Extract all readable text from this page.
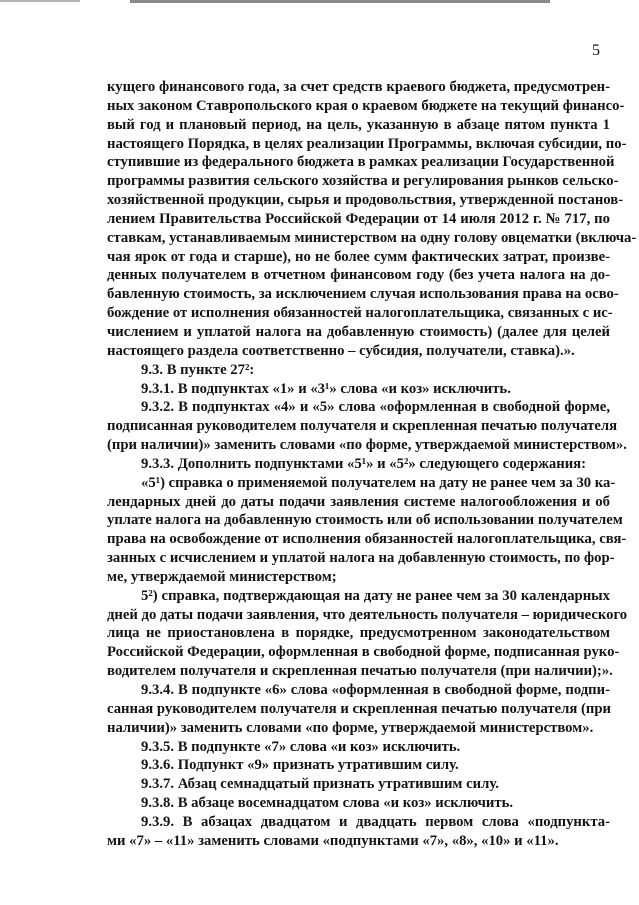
5
кущего финансового года, за счет средств краевого бюджета, предусмотрен-
ных законом Ставропольского края о краевом бюджете на текущий финансо-
вый год и плановый период, на цель, указанную в абзаце пятом пункта 1
настоящего Порядка, в целях реализации Программы, включая субсидии, по-
ступившие из федерального бюджета в рамках реализации Государственной
программы развития сельского хозяйства и регулирования рынков сельско-
хозяйственной продукции, сырья и продовольствия, утвержденной постанов-
лением Правительства Российской Федерации от 14 июля 2012 г. № 717, по
ставкам, устанавливаемым министерством на одну голову овцематки (включа-
чая ярок от года и старше), но не более сумм фактических затрат, произве-
денных получателем в отчетном финансовом году (без учета налога на до-
бавленную стоимость, за исключением случая использования права на осво-
бождение от исполнения обязанностей налогоплательщика, связанных с ис-
числением и уплатой налога на добавленную стоимость) (далее для целей
настоящего раздела соответственно – субсидия, получатели, ставка).».
9.3. В пункте 27²:
9.3.1. В подпунктах «1» и «3¹» слова «и коз» исключить.
9.3.2. В подпунктах «4» и «5» слова «оформленная в свободной форме,
подписанная руководителем получателя и скрепленная печатью получателя
(при наличии)» заменить словами «по форме, утверждаемой министерством».
9.3.3. Дополнить подпунктами «5¹» и «5²» следующего содержания:
«5¹) справка о применяемой получателем на дату не ранее чем за 30 ка-
лендарных дней до даты подачи заявления системе налогообложения и об
уплате налога на добавленную стоимость или об использовании получателем
права на освобождение от исполнения обязанностей налогоплательщика, свя-
занных с исчислением и уплатой налога на добавленную стоимость, по фор-
ме, утверждаемой министерством;
5²) справка, подтверждающая на дату не ранее чем за 30 календарных
дней до даты подачи заявления, что деятельность получателя – юридического
лица не приостановлена в порядке, предусмотренном законодательством
Российской Федерации, оформленная в свободной форме, подписанная руко-
водителем получателя и скрепленная печатью получателя (при наличии);».
9.3.4. В подпункте «6» слова «оформленная в свободной форме, подпи-
санная руководителем получателя и скрепленная печатью получателя (при
наличии)» заменить словами «по форме, утверждаемой министерством».
9.3.5. В подпункте «7» слова «и коз» исключить.
9.3.6. Подпункт «9» признать утратившим силу.
9.3.7. Абзац семнадцатый признать утратившим силу.
9.3.8. В абзаце восемнадцатом слова «и коз» исключить.
9.3.9. В абзацах двадцатом и двадцать первом слова «подпункта-
ми «7» – «11» заменить словами «подпунктами «7», «8», «10» и «11».
